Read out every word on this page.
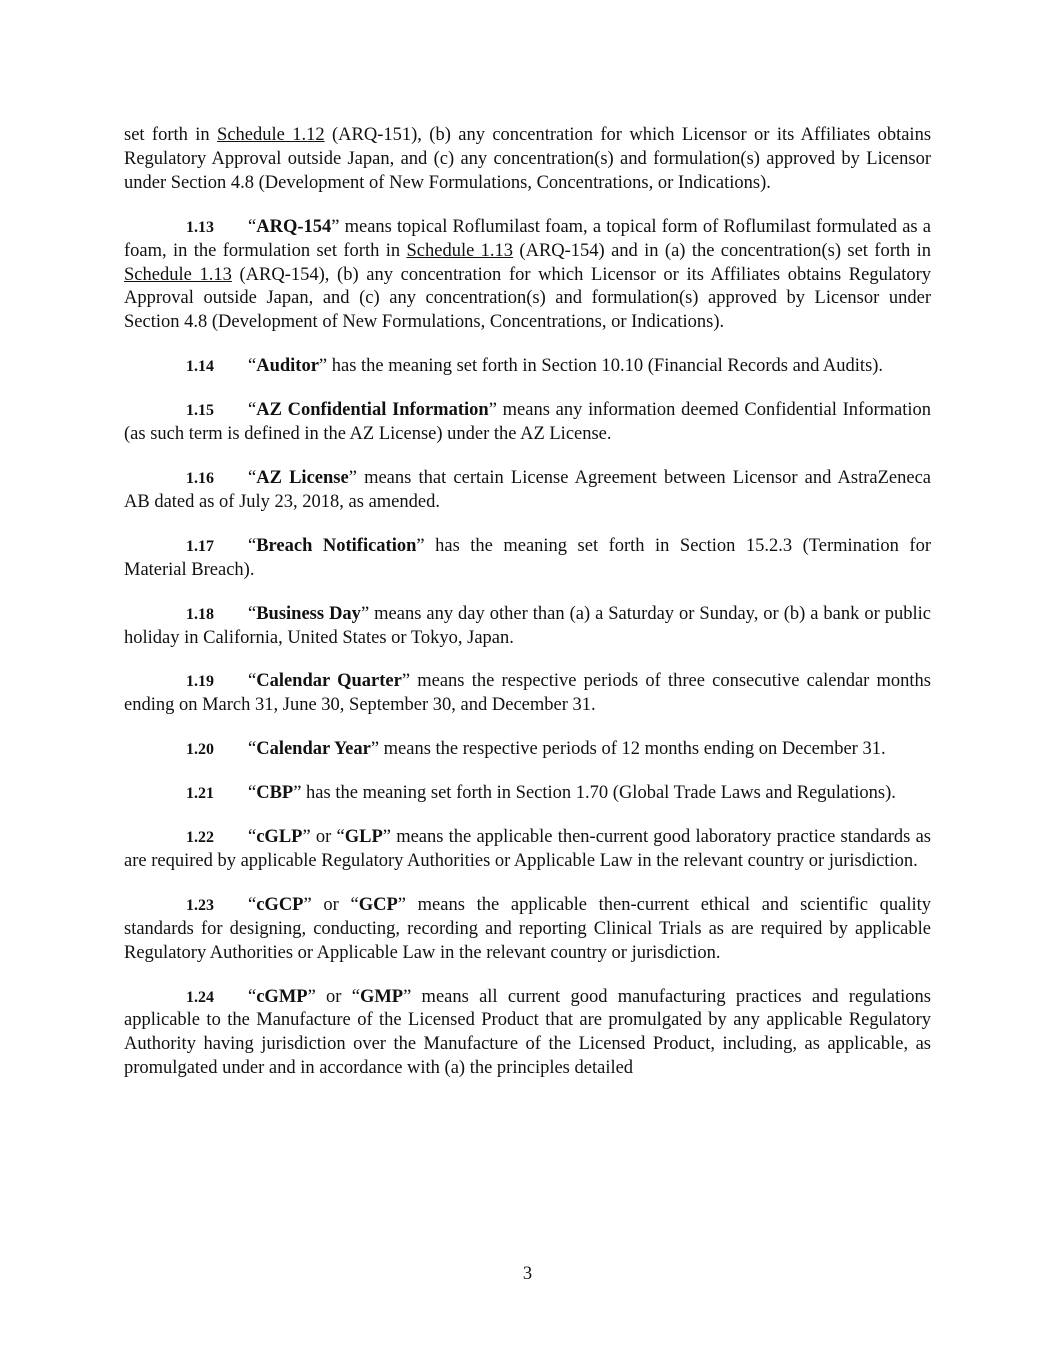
set forth in Schedule 1.12 (ARQ-151), (b) any concentration for which Licensor or its Affiliates obtains Regulatory Approval outside Japan, and (c) any concentration(s) and formulation(s) approved by Licensor under Section 4.8 (Development of New Formulations, Concentrations, or Indications).

1.13 “ARQ-154” means topical Roflumilast foam, a topical form of Roflumilast formulated as a foam, in the formulation set forth in Schedule 1.13 (ARQ-154) and in (a) the concentration(s) set forth in Schedule 1.13 (ARQ-154), (b) any concentration for which Licensor or its Affiliates obtains Regulatory Approval outside Japan, and (c) any concentration(s) and formulation(s) approved by Licensor under Section 4.8 (Development of New Formulations, Concentrations, or Indications).

1.14 “Auditor” has the meaning set forth in Section 10.10 (Financial Records and Audits).

1.15 “AZ Confidential Information” means any information deemed Confidential Information (as such term is defined in the AZ License) under the AZ License.

1.16 “AZ License” means that certain License Agreement between Licensor and AstraZeneca AB dated as of July 23, 2018, as amended.

1.17 “Breach Notification” has the meaning set forth in Section 15.2.3 (Termination for Material Breach).

1.18 “Business Day” means any day other than (a) a Saturday or Sunday, or (b) a bank or public holiday in California, United States or Tokyo, Japan.

1.19 “Calendar Quarter” means the respective periods of three consecutive calendar months ending on March 31, June 30, September 30, and December 31.

1.20 “Calendar Year” means the respective periods of 12 months ending on December 31.

1.21 “CBP” has the meaning set forth in Section 1.70 (Global Trade Laws and Regulations).

1.22 “cGLP” or “GLP” means the applicable then-current good laboratory practice standards as are required by applicable Regulatory Authorities or Applicable Law in the relevant country or jurisdiction.

1.23 “cGCP” or “GCP” means the applicable then-current ethical and scientific quality standards for designing, conducting, recording and reporting Clinical Trials as are required by applicable Regulatory Authorities or Applicable Law in the relevant country or jurisdiction.

1.24 “cGMP” or “GMP” means all current good manufacturing practices and regulations applicable to the Manufacture of the Licensed Product that are promulgated by any applicable Regulatory Authority having jurisdiction over the Manufacture of the Licensed Product, including, as applicable, as promulgated under and in accordance with (a) the principles detailed

3
